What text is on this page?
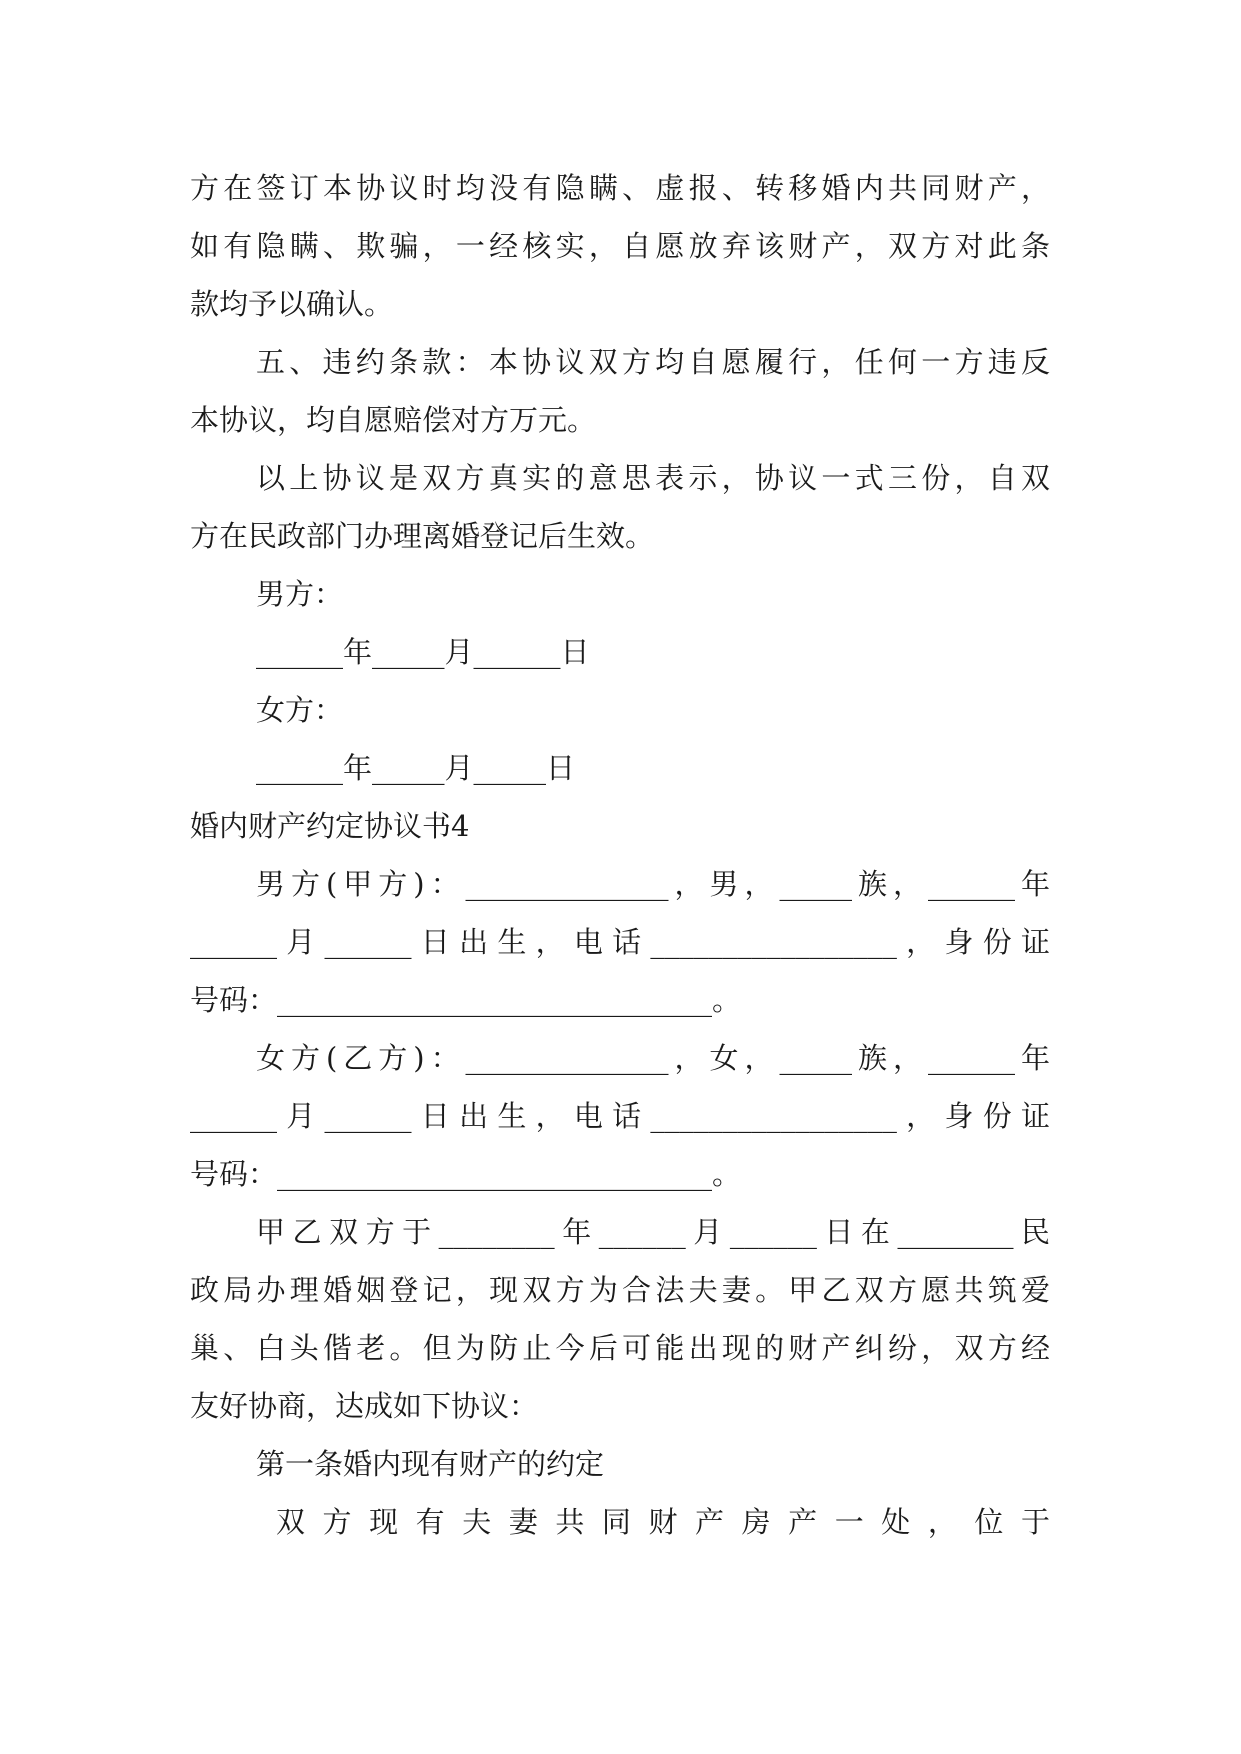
方在签订本协议时均没有隐瞒、虚报、转移婚内共同财产，
如有隐瞒、欺骗，一经核实，自愿放弃该财产，双方对此条
款均予以确认。
五、违约条款：本协议双方均自愿履行，任何一方违反
本协议，均自愿赔偿对方万元。
以上协议是双方真实的意思表示，协议一式三份，自双
方在民政部门办理离婚登记后生效。
男方：
______年_____月______日
女方：
______年_____月_____日
婚内财产约定协议书4
男方(甲方)：______________，男，_____族，______年
______月______日出生，电话_________________，身份证
号码：______________________________。
女方(乙方)：______________，女，_____族，______年
______月______日出生，电话_________________，身份证
号码：______________________________。
甲乙双方于________年______月______日在________民
政局办理婚姻登记，现双方为合法夫妻。甲乙双方愿共筑爱
巢、白头偕老。但为防止今后可能出现的财产纠纷，双方经
友好协商，达成如下协议：
第一条婚内现有财产的约定
双方现有夫妻共同财产房产一处，位于
